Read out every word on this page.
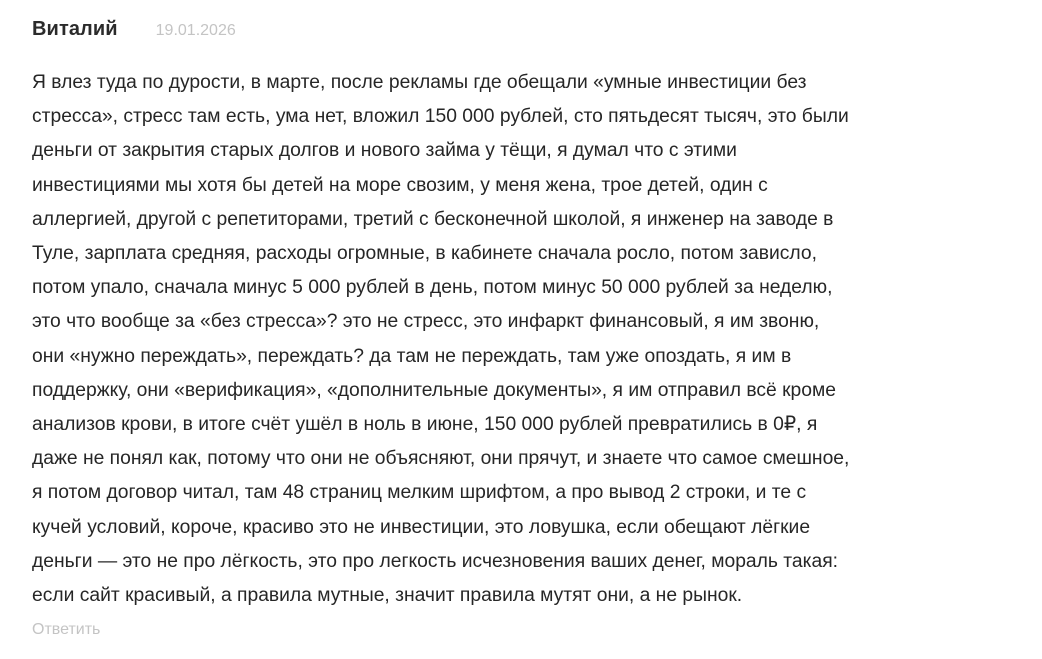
Виталий 19.01.2026
Я влез туда по дурости, в марте, после рекламы где обещали «умные инвестиции без
стресса», стресс там есть, ума нет, вложил 150 000 рублей, сто пятьдесят тысяч, это были
деньги от закрытия старых долгов и нового займа у тёщи, я думал что с этими
инвестициями мы хотя бы детей на море свозим, у меня жена, трое детей, один с
аллергией, другой с репетиторами, третий с бесконечной школой, я инженер на заводе в
Туле, зарплата средняя, расходы огромные, в кабинете сначала росло, потом зависло,
потом упало, сначала минус 5 000 рублей в день, потом минус 50 000 рублей за неделю,
это что вообще за «без стресса»? это не стресс, это инфаркт финансовый, я им звоню,
они «нужно переждать», переждать? да там не переждать, там уже опоздать, я им в
поддержку, они «верификация», «дополнительные документы», я им отправил всё кроме
анализов крови, в итоге счёт ушёл в ноль в июне, 150 000 рублей превратились в 0₽, я
даже не понял как, потому что они не объясняют, они прячут, и знаете что самое смешное,
я потом договор читал, там 48 страниц мелким шрифтом, а про вывод 2 строки, и те с
кучей условий, короче, красиво это не инвестиции, это ловушка, если обещают лёгкие
деньги — это не про лёгкость, это про легкость исчезновения ваших денег, мораль такая:
если сайт красивый, а правила мутные, значит правила мутят они, а не рынок.
Ответить
